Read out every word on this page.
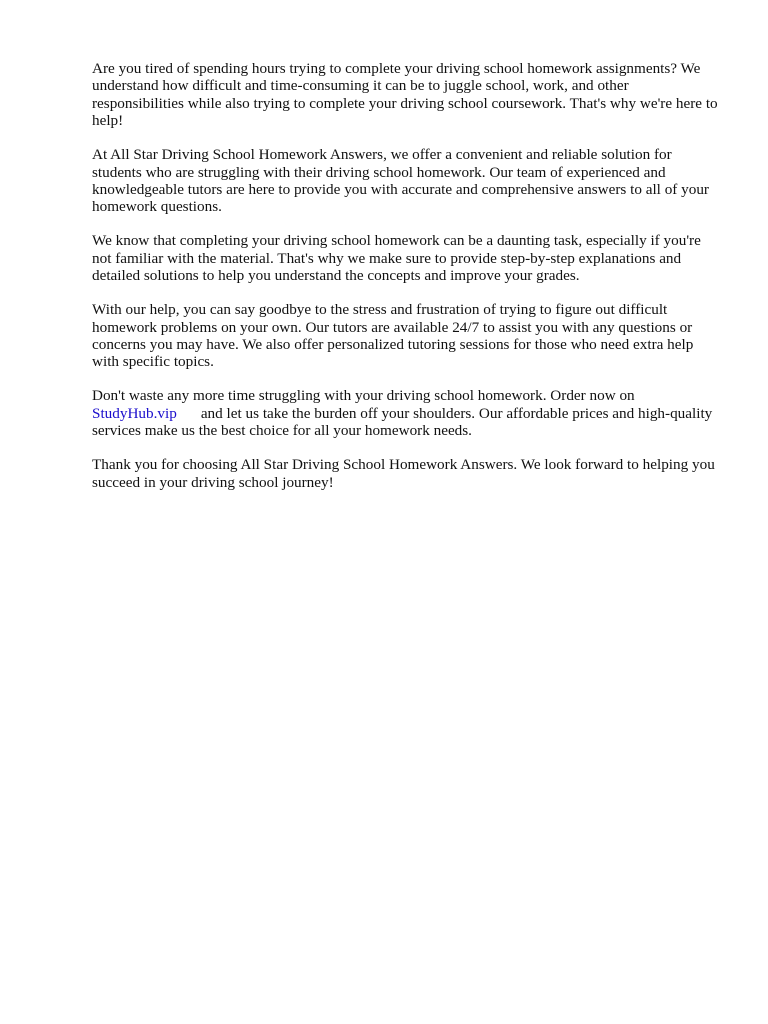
Are you tired of spending hours trying to complete your driving school homework assignments? We understand how difficult and time-consuming it can be to juggle school, work, and other responsibilities while also trying to complete your driving school coursework. That's why we're here to help!

At All Star Driving School Homework Answers, we offer a convenient and reliable solution for students who are struggling with their driving school homework. Our team of experienced and knowledgeable tutors are here to provide you with accurate and comprehensive answers to all of your homework questions.

We know that completing your driving school homework can be a daunting task, especially if you're not familiar with the material. That's why we make sure to provide step-by-step explanations and detailed solutions to help you understand the concepts and improve your grades.

With our help, you can say goodbye to the stress and frustration of trying to figure out difficult homework problems on your own. Our tutors are available 24/7 to assist you with any questions or concerns you may have. We also offer personalized tutoring sessions for those who need extra help with specific topics.

Don't waste any more time struggling with your driving school homework. Order now on
StudyHub.vip and let us take the burden off your shoulders. Our affordable prices and high-quality services make us the best choice for all your homework needs.

Thank you for choosing All Star Driving School Homework Answers. We look forward to helping you succeed in your driving school journey!
